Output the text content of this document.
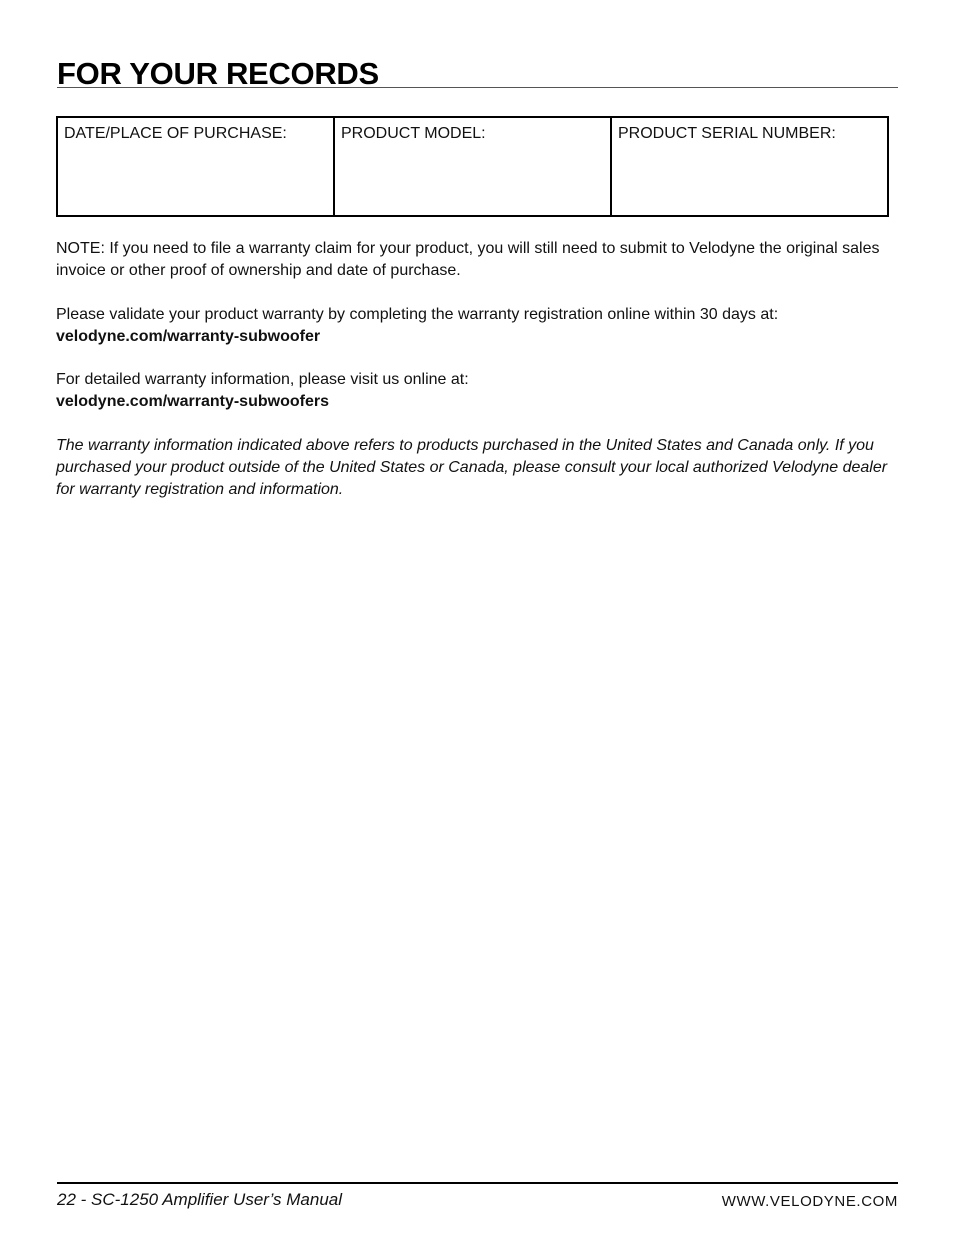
FOR YOUR RECORDS
DATE/PLACE OF PURCHASE:	PRODUCT MODEL:	PRODUCT SERIAL NUMBER:

NOTE: If you need to file a warranty claim for your product, you will still need to submit to Velodyne the original sales invoice or other proof of ownership and date of purchase.

Please validate your product warranty by completing the warranty registration online within 30 days at:
velodyne.com/warranty-subwoofer
For detailed warranty information, please visit us online at:
velodyne.com/warranty-subwoofers

The warranty information indicated above refers to products purchased in the United States and Canada only. If you purchased your product outside of the United States or Canada, please consult your local authorized Velodyne dealer for warranty registration and information.

22 - SC-1250 Amplifier User’s Manual	WWW.VELODYNE.COM
